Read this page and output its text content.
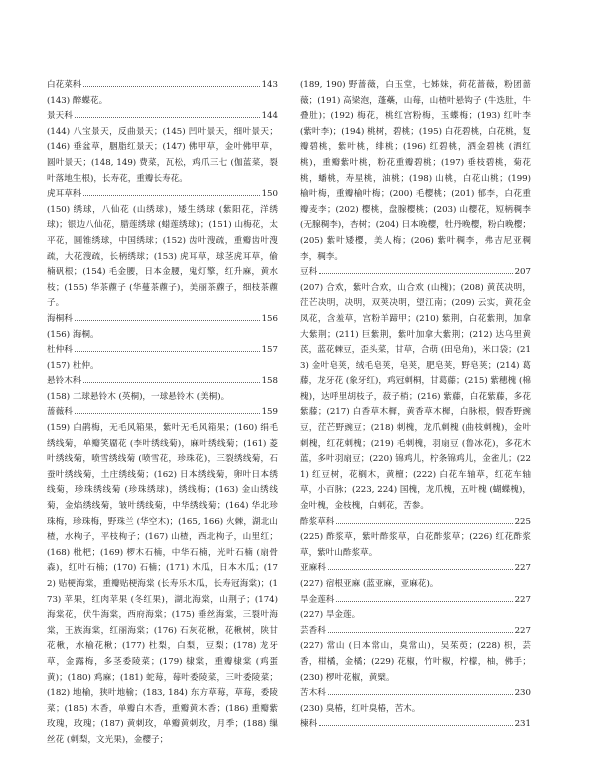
白花菜科	143
(143) 醉蝶花。
景天科	144
(144) 八宝景天，反曲景天；(145) 凹叶景天，细叶景天；(146) 垂盆草，胭脂红景天；(147) 佛甲草，金叶佛甲草，圆叶景天；(148, 149) 费菜，瓦松，鸡爪三七 (伽蓝菜，裂叶落地生根)，长寿花，重瓣长寿花。
虎耳草科	150
(150) 绣球，八仙花 (山绣球)，矮生绣球 (紫阳花，洋绣球)；银边八仙花，腊莲绣球 (蜡莲绣球)；(151) 山梅花，太平花，圆锥绣球，中国绣球；(152) 齿叶溲疏，重瓣齿叶溲疏，大花溲疏，长柄绣球；(153) 虎耳草，球茎虎耳草，偷楠矾根；(154) 毛金腰，日本金腰，鬼灯擎，红升麻，黄水枝；(155) 华茶藨子 (华蔓茶藨子)，美丽茶藨子，细枝茶藨子。
海桐科	156
(156) 海桐。
杜仲科	157
(157) 杜仲。
悬铃木科	158
(158) 二球悬铃木 (英桐)，一球悬铃木 (美桐)。
蔷薇科	159
(159) 白鹃梅，无毛风箱果，紫叶无毛风箱果；(160) 绢毛绣线菊，单瓣笑靥花 (李叶绣线菊)，麻叶绣线菊；(161) 菱叶绣线菊，喷雪绣线菊 (喷雪花，珍珠花)，三裂绣线菊，石蚕叶绣线菊，土庄绣线菊；(162) 日本绣线菊，卵叶日本绣线菊，珍珠绣线菊 (珍珠绣球)，绣线梅；(163) 金山绣线菊，金焰绣线菊，皱叶绣线菊，中华绣线菊；(164) 华北珍珠梅，珍珠梅，野珠兰 (华空木)；(165, 166) 火棘，湖北山楂，水栒子，平枝栒子；(167) 山楂，西北栒子，山里红；(168) 枇杷；(169) 椤木石楠，中华石楠，光叶石楠 (扇骨森)，红叶石楠；(170) 石楠；(171) 木瓜，日本木瓜；(172) 贴梗海棠，重瓣贴梗海棠 (长寿乐木瓜，长寿冠海棠)；(173) 苹果，红肉苹果 (冬红果)，湖北海棠，山荆子；(174) 海棠花，伏牛海棠，西府海棠；(175) 垂丝海棠，三裂叶海棠，王族海棠，红丽海棠；(176) 石灰花楸，花楸树，陕甘花楸，水榆花楸；(177) 杜梨，白梨，豆梨；(178) 龙牙草，金露梅，多茎委陵菜；(179) 棣棠，重瓣棣棠 (鸡蛋黄)；(180) 鸡麻；(181) 蛇莓，莓叶委陵菜，三叶委陵菜；(182) 地榆，狭叶地榆；(183, 184) 东方草莓，草莓，委陵菜；(185) 木香，单瓣白木香，重瓣黄木香；(186) 重瓣紫玫瑰，玫瑰；(187) 黄刺玫，单瓣黄刺玫，月季；(188) 缫丝花 (刺梨，文光果)，金樱子；
(189, 190) 野蔷薇，白玉堂，七姊妹，荷花蔷薇，粉团蔷薇；(191) 高梁泡，蓬蘽，山莓，山楂叶悬钩子 (牛迭肚，牛叠肚)；(192) 梅花，桃红宫粉梅，玉蝶梅；(193) 红叶李 (紫叶李)；(194) 桃树，碧桃；(195) 白花碧桃，白花桃，复瓣碧桃，紫叶桃，绯桃；(196) 红碧桃，洒金碧桃 (洒红桃)，重瓣紫叶桃，粉花重瓣碧桃；(197) 垂枝碧桃，菊花桃，蟠桃，寿星桃，油桃；(198) 山桃，白花山桃；(199) 榆叶梅，重瓣榆叶梅；(200) 毛樱桃；(201) 郁李，白花重瓣麦李；(202) 樱桃，盘腺樱桃；(203) 山樱花，短柄稠李 (无腺稠李)，杏树；(204) 日本晚樱，牡丹晚樱，粉白晚樱；(205) 紫叶矮樱，美人梅；(206) 紫叶稠李，弗吉尼亚稠李，稠李。
豆科	207
(207) 合欢，紫叶合欢，山合欢 (山槐)；(208) 黄芪决明，茳芒决明，决明，双荚决明，望江南；(209) 云实，黄花金凤花，含羞草，宫粉羊蹄甲；(210) 紫荆，白花紫荆，加拿大紫荆；(211) 巨紫荆，紫叶加拿大紫荆；(212) 达乌里黄芪，蓝花棘豆，歪头菜，甘草，合萌 (田皂角)，米口袋；(213) 金叶皂荚，绒毛皂荚，皂荚，肥皂荚，野皂荚；(214) 葛藤，龙牙花 (象牙红)，鸡冠刺桐，甘葛藤；(215) 紫穗槐 (棉槐)，达呼里胡枝子，菽子梢；(216) 紫藤，白花紫藤，多花紫藤；(217) 白香草木樨，黄香草木樨，白脉根，假香野豌豆，茳芒野豌豆；(218) 刺槐，龙爪刺槐 (曲枝刺槐)，金叶刺槐，红花刺槐；(219) 毛刺槐，羽扇豆 (鲁冰花)，多花木蓝，多叶羽扇豆；(220) 锦鸡儿，柠条锦鸡儿，金雀儿；(221) 红豆树，花榈木，黄檀；(222) 白花车轴草，红花车轴草，小百脉；(223, 224) 国槐，龙爪槐，五叶槐 (蝴蝶槐)，金叶槐，金枝槐，白刺花，苦参。
酢浆草科	225
(225) 酢浆草，紫叶酢浆草，白花酢浆草；(226) 红花酢浆草，紫叶山酢浆草。
亚麻科	227
(227) 宿根亚麻 (蓝亚麻，亚麻花)。
旱金莲科	227
(227) 旱金莲。
芸香科	227
(227) 常山 (日本常山，臭常山)，吴茱萸；(228) 枳，芸香，柑橘，金橘；(229) 花椒，竹叶椒，柠檬，柚，佛手；(230) 椤叶花椒，黄檗。
苦木科	230
(230) 臭椿，红叶臭椿，苦木。
楝科	231
